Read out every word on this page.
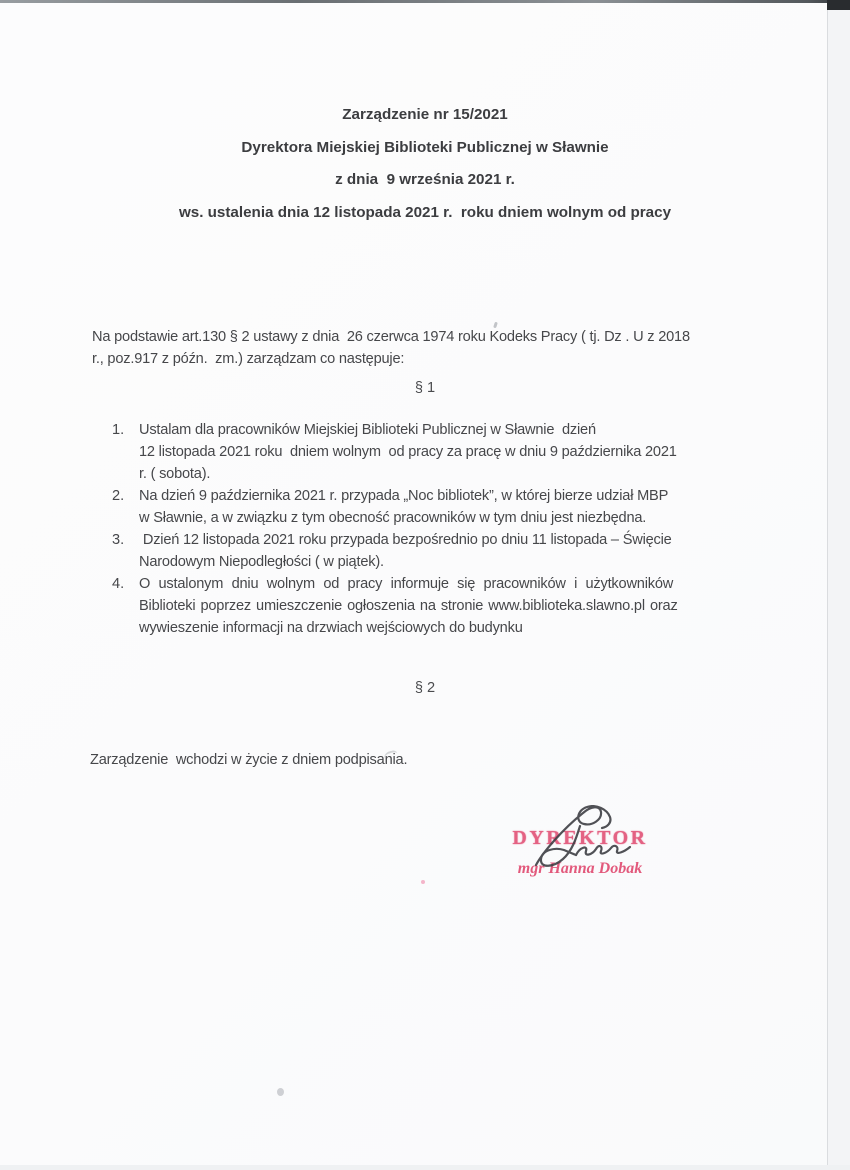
Zarządzenie nr 15/2021
Dyrektora Miejskiej Biblioteki Publicznej w Sławnie
z dnia  9 września 2021 r.
ws. ustalenia dnia 12 listopada 2021 r.  roku dniem wolnym od pracy
Na podstawie art.130 § 2 ustawy z dnia  26 czerwca 1974 roku Kodeks Pracy ( tj. Dz . U z 2018
r., poz.917 z późn.  zm.) zarządzam co następuje:
§ 1
1.	Ustalam dla pracowników Miejskiej Biblioteki Publicznej w Sławnie  dzień
12 listopada 2021 roku  dniem wolnym  od pracy za pracę w dniu 9 października 2021
r. ( sobota).
2.	Na dzień 9 października 2021 r. przypada „Noc bibliotek”, w której bierze udział MBP
w Sławnie, a w związku z tym obecność pracowników w tym dniu jest niezbędna.
3.	Dzień 12 listopada 2021 roku przypada bezpośrednio po dniu 11 listopada – Święcie
Narodowym Niepodległości ( w piątek).
4.	O ustalonym dniu wolnym od pracy informuje się pracowników i użytkowników
Biblioteki poprzez umieszczenie ogłoszenia na stronie www.biblioteka.slawno.pl oraz
wywieszenie informacji na drzwiach wejściowych do budynku
§ 2
Zarządzenie  wchodzi w życie z dniem podpisania.
DYREKTOR
mgr Hanna Dobak
